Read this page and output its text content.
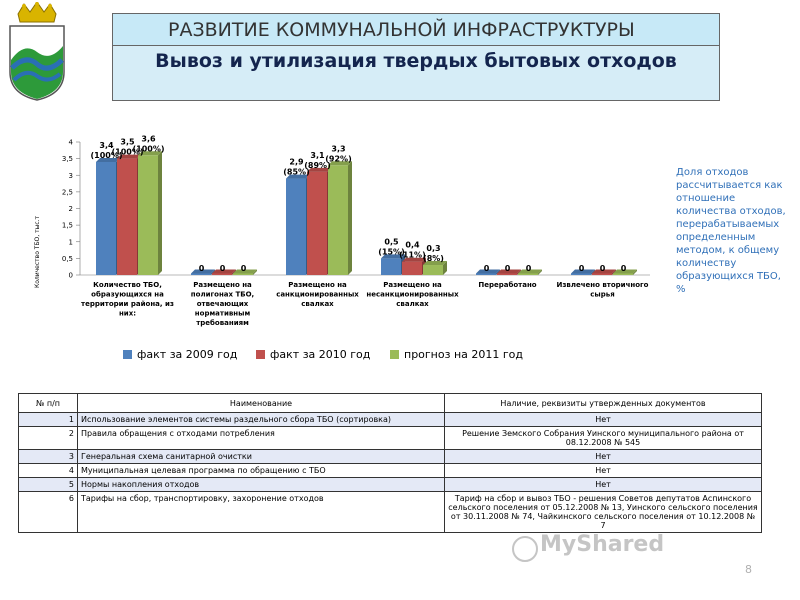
РАЗВИТИЕ КОММУНАЛЬНОЙ ИНФРАСТРУКТУРЫ
Вывоз и утилизация твердых бытовых отходов
0
0,5
1
1,5
2
2,5
3
3,5
4	3,4 (100%)
3,5 (100%)
3,6 (100%)
0 0 0
2,9 (85%)
3,1 (89%)
3,3 (92%)
0,5 (15%)
0,4 (11%)
0,3 (8%)
0 0 0	0 0 0
Количество ТБО, образующихся на территории района, из них:
Размещено на полигонах ТБО, отвечающих нормативным требованиям
Размещено на санкционированных свалках
Размещено на несанкционированных свалках
Переработано	Извлечено вторичного сырья
факт за 2009 год	факт за 2010 год	прогноз на 2011 год
Количество ТБО, тыс.т
Доля отходов рассчитывается как отношение количества отходов, перерабатываемых определенным методом, к общему количеству образующихся ТБО, %
№ п/п	Наименование	Наличие, реквизиты утвержденных документов
1	Использование элементов системы раздельного сбора ТБО (сортировка)	Нет
2	Правила обращения с отходами потребления	Решение Земского Собрания Уинского муниципального района от 08.12.2008 № 545
3	Генеральная схема санитарной очистки	Нет
4	Муниципальная целевая программа по обращению с ТБО	Нет
5	Нормы накопления отходов	Нет
6	Тарифы на сбор, транспортировку, захоронение отходов	Тариф на сбор и вывоз ТБО - решения Советов депутатов Аспинского сельского поселения от 05.12.2008 № 13, Уинского сельского поселения от 30.11.2008 № 74, Чайкинского сельского поселения от 10.12.2008 № 7
MyShared
8
